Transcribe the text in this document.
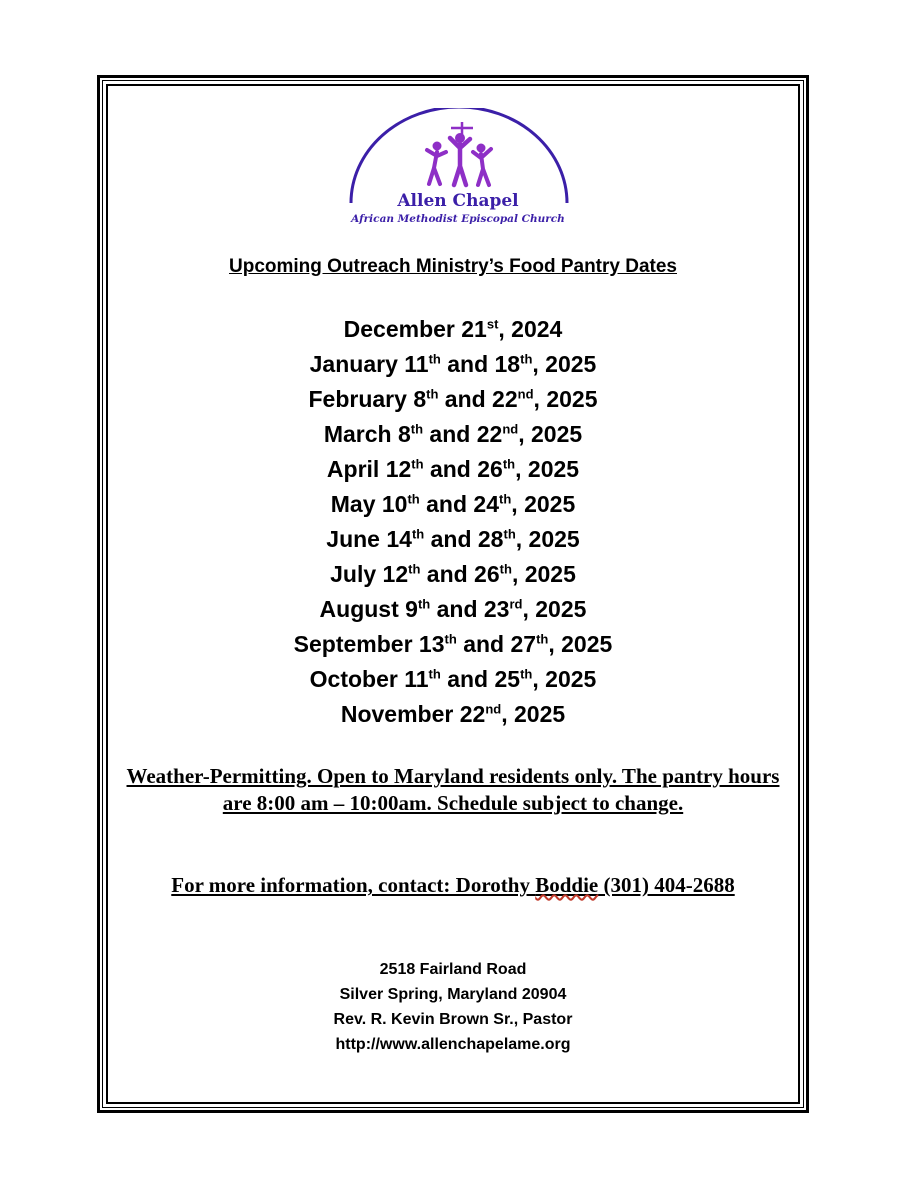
Allen Chapel
African Methodist Episcopal Church
Upcoming Outreach Ministry’s Food Pantry Dates
December 21st, 2024
January 11th and 18th, 2025
February 8th and 22nd, 2025
March 8th and 22nd, 2025
April 12th and 26th, 2025
May 10th and 24th, 2025
June 14th and 28th, 2025
July 12th and 26th, 2025
August 9th and 23rd, 2025
September 13th and 27th, 2025
October 11th and 25th, 2025
November 22nd, 2025
Weather-Permitting. Open to Maryland residents only. The pantry hours are 8:00 am – 10:00am. Schedule subject to change.
For more information, contact: Dorothy Boddie (301) 404-2688
2518 Fairland Road
Silver Spring, Maryland 20904
Rev. R. Kevin Brown Sr., Pastor
http://www.allenchapelame.org
